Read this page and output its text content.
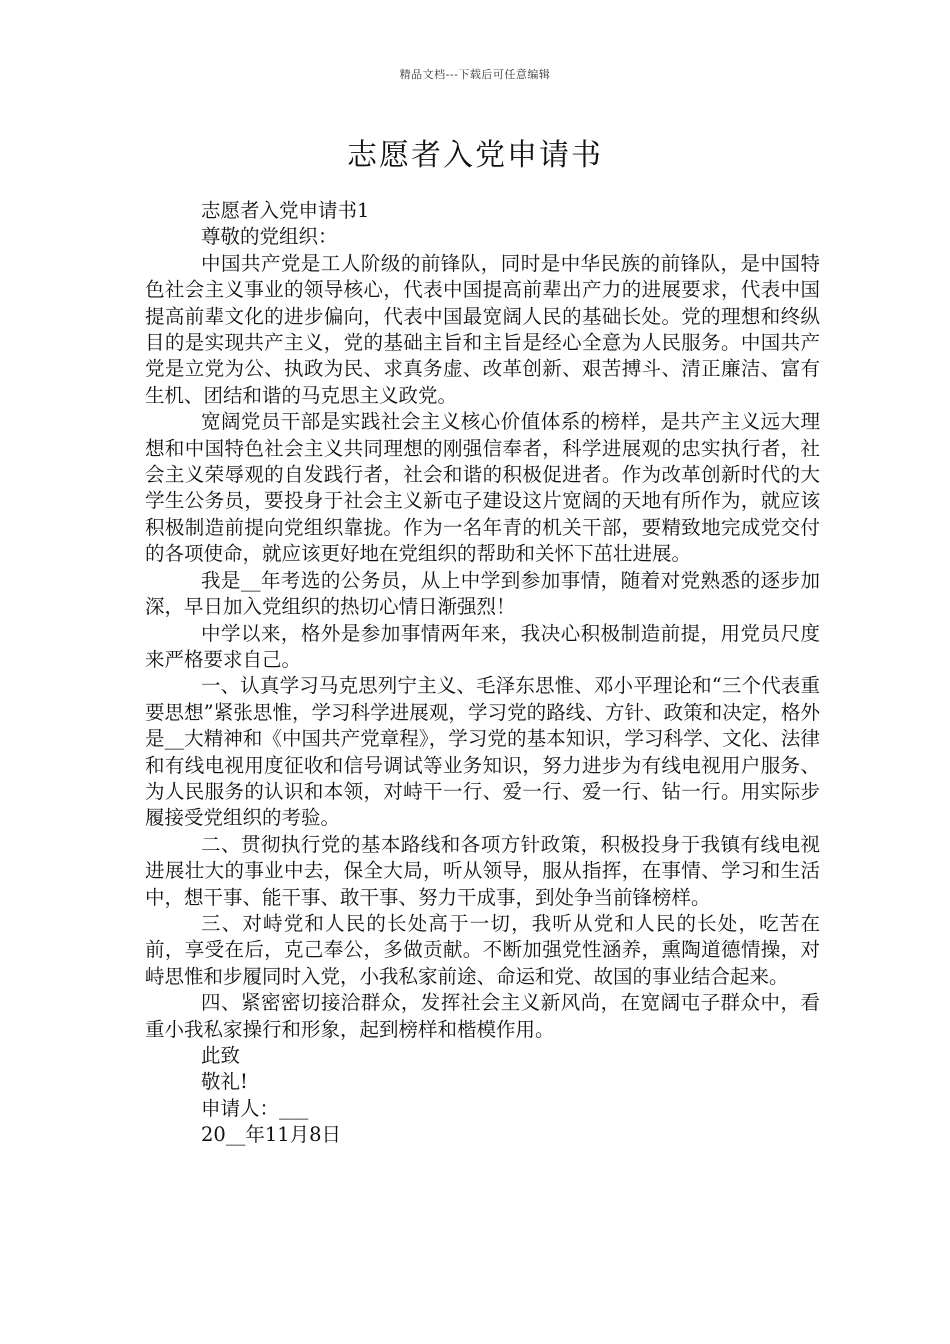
精品文档---下载后可任意编辑
志愿者入党申请书

志愿者入党申请书1

尊敬的党组织：

中国共产党是工人阶级的前锋队，同时是中华民族的前锋队，是中国特色社会主义事业的领导核心，代表中国提高前辈出产力的进展要求，代表中国提高前辈文化的进步偏向，代表中国最宽阔人民的基础长处。党的理想和终纵目的是实现共产主义，党的基础主旨和主旨是经心全意为人民服务。中国共产党是立党为公、执政为民、求真务虚、改革创新、艰苦搏斗、清正廉洁、富有生机、团结和谐的马克思主义政党。

宽阔党员干部是实践社会主义核心价值体系的榜样，是共产主义远大理想和中国特色社会主义共同理想的刚强信奉者，科学进展观的忠实执行者，社会主义荣辱观的自发践行者，社会和谐的积极促进者。作为改革创新时代的大学生公务员，要投身于社会主义新屯子建设这片宽阔的天地有所作为，就应该积极制造前提向党组织靠拢。作为一名年青的机关干部，要精致地完成党交付的各项使命，就应该更好地在党组织的帮助和关怀下茁壮进展。

我是__年考选的公务员，从上中学到参加事情，随着对党熟悉的逐步加深，早日加入党组织的热切心情日渐强烈！

中学以来，格外是参加事情两年来，我决心积极制造前提，用党员尺度来严格要求自己。

一、认真学习马克思列宁主义、毛泽东思惟、邓小平理论和“三个代表重要思想”紧张思惟，学习科学进展观，学习党的路线、方针、政策和决定，格外是__大精神和《中国共产党章程》，学习党的基本知识，学习科学、文化、法律和有线电视用度征收和信号调试等业务知识，努力进步为有线电视用户服务、为人民服务的认识和本领，对峙干一行、爱一行、爱一行、钻一行。用实际步履接受党组织的考验。

二、贯彻执行党的基本路线和各项方针政策，积极投身于我镇有线电视进展壮大的事业中去，保全大局，听从领导，服从指挥，在事情、学习和生活中，想干事、能干事、敢干事、努力干成事，到处争当前锋榜样。

三、对峙党和人民的长处高于一切，我听从党和人民的长处，吃苦在前，享受在后，克己奉公，多做贡献。不断加强党性涵养，熏陶道德情操，对峙思惟和步履同时入党，小我私家前途、命运和党、故国的事业结合起来。

四、紧密密切接洽群众，发挥社会主义新风尚，在宽阔屯子群众中，看重小我私家操行和形象，起到榜样和楷模作用。

此致

敬礼!

申请人：___

20__年11月8日
